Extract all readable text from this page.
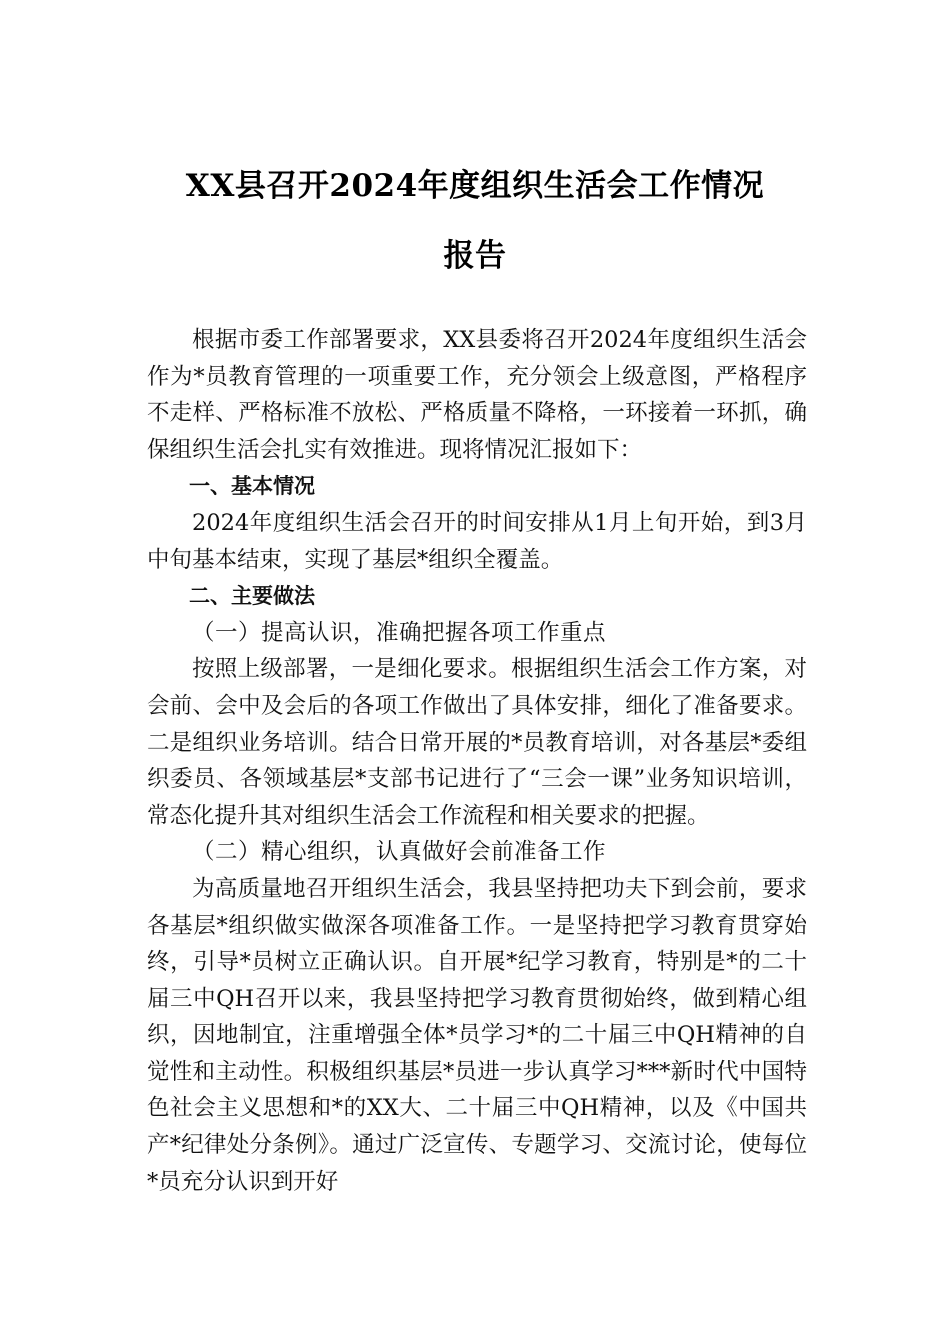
XX县召开2024年度组织生活会工作情况
报告

根据市委工作部署要求，XX县委将召开2024年度组织生活会作为*员教育管理的一项重要工作，充分领会上级意图，严格程序不走样、严格标准不放松、严格质量不降格，一环接着一环抓，确保组织生活会扎实有效推进。现将情况汇报如下：

一、基本情况

2024年度组织生活会召开的时间安排从1月上旬开始，到3月中旬基本结束，实现了基层*组织全覆盖。

二、主要做法

（一）提高认识，准确把握各项工作重点

按照上级部署，一是细化要求。根据组织生活会工作方案，对会前、会中及会后的各项工作做出了具体安排，细化了准备要求。二是组织业务培训。结合日常开展的*员教育培训，对各基层*委组织委员、各领域基层*支部书记进行了“三会一课”业务知识培训，常态化提升其对组织生活会工作流程和相关要求的把握。

（二）精心组织，认真做好会前准备工作

为高质量地召开组织生活会，我县坚持把功夫下到会前，要求各基层*组织做实做深各项准备工作。一是坚持把学习教育贯穿始终，引导*员树立正确认识。自开展*纪学习教育，特别是*的二十届三中QH召开以来，我县坚持把学习教育贯彻始终，做到精心组织，因地制宜，注重增强全体*员学习*的二十届三中QH精神的自觉性和主动性。积极组织基层*员进一步认真学习***新时代中国特色社会主义思想和*的XX大、二十届三中QH精神，以及《中国共产*纪律处分条例》。通过广泛宣传、专题学习、交流讨论，使每位*员充分认识到开好
